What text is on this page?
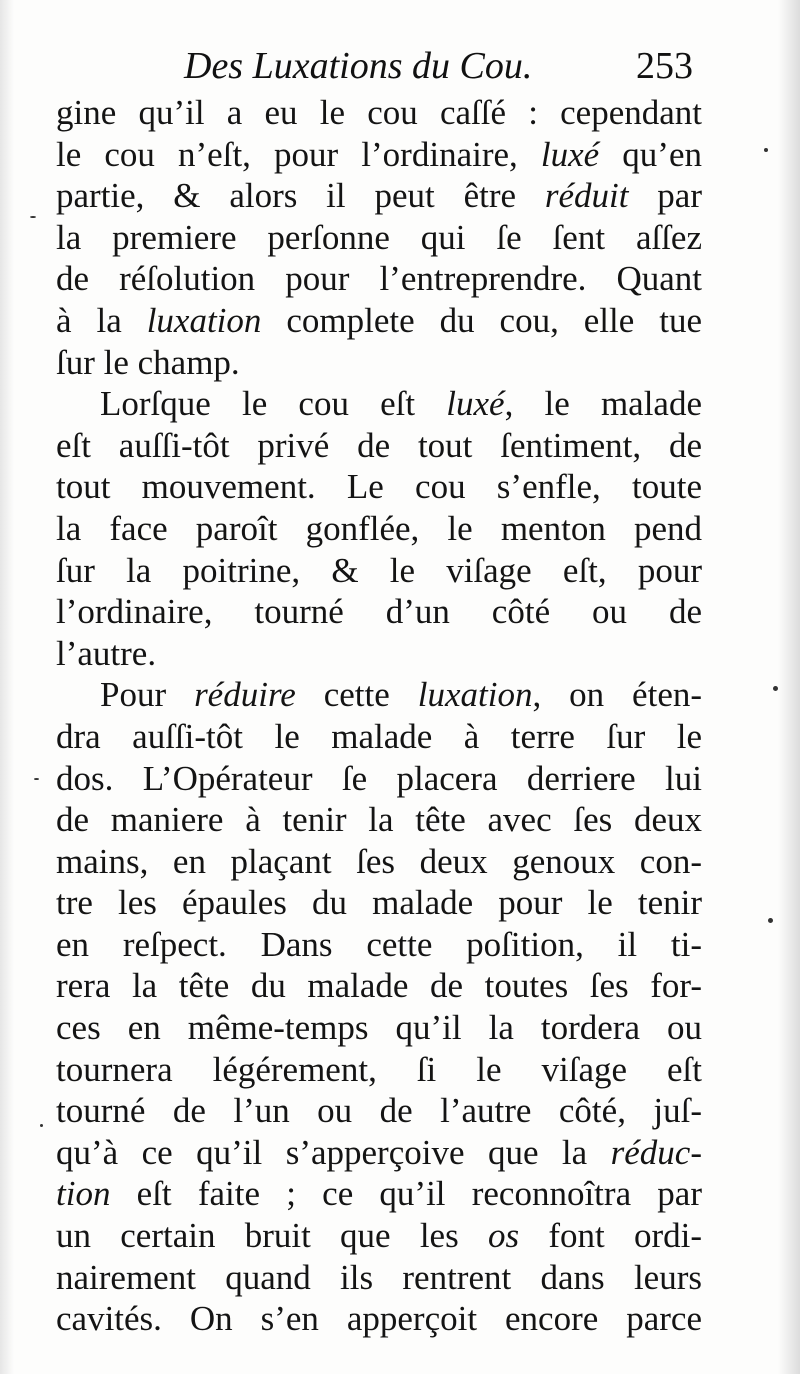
Des Luxations du Cou.	253
gine qu’il a eu le cou caſſé : cependant
le cou n’eſt, pour l’ordinaire, luxé qu’en
partie, & alors il peut être réduit par
la premiere perſonne qui ſe ſent aſſez
de réſolution pour l’entreprendre. Quant
à la luxation complete du cou, elle tue
ſur le champ.
Lorſque le cou eſt luxé, le malade
eſt auſſi-tôt privé de tout ſentiment, de
tout mouvement. Le cou s’enfle, toute
la face paroît gonflée, le menton pend
ſur la poitrine, & le viſage eſt, pour
l’ordinaire, tourné d’un côté ou de
l’autre.
Pour réduire cette luxation, on éten-
dra auſſi-tôt le malade à terre ſur le
dos. L’Opérateur ſe placera derriere lui
de maniere à tenir la tête avec ſes deux
mains, en plaçant ſes deux genoux con-
tre les épaules du malade pour le tenir
en reſpect. Dans cette poſition, il ti-
rera la tête du malade de toutes ſes for-
ces en même-temps qu’il la tordera ou
tournera légérement, ſi le viſage eſt
tourné de l’un ou de l’autre côté, juſ-
qu’à ce qu’il s’apperçoive que la réduc-
tion eſt faite ; ce qu’il reconnoîtra par
un certain bruit que les os font ordi-
nairement quand ils rentrent dans leurs
cavités. On s’en apperçoit encore parce
